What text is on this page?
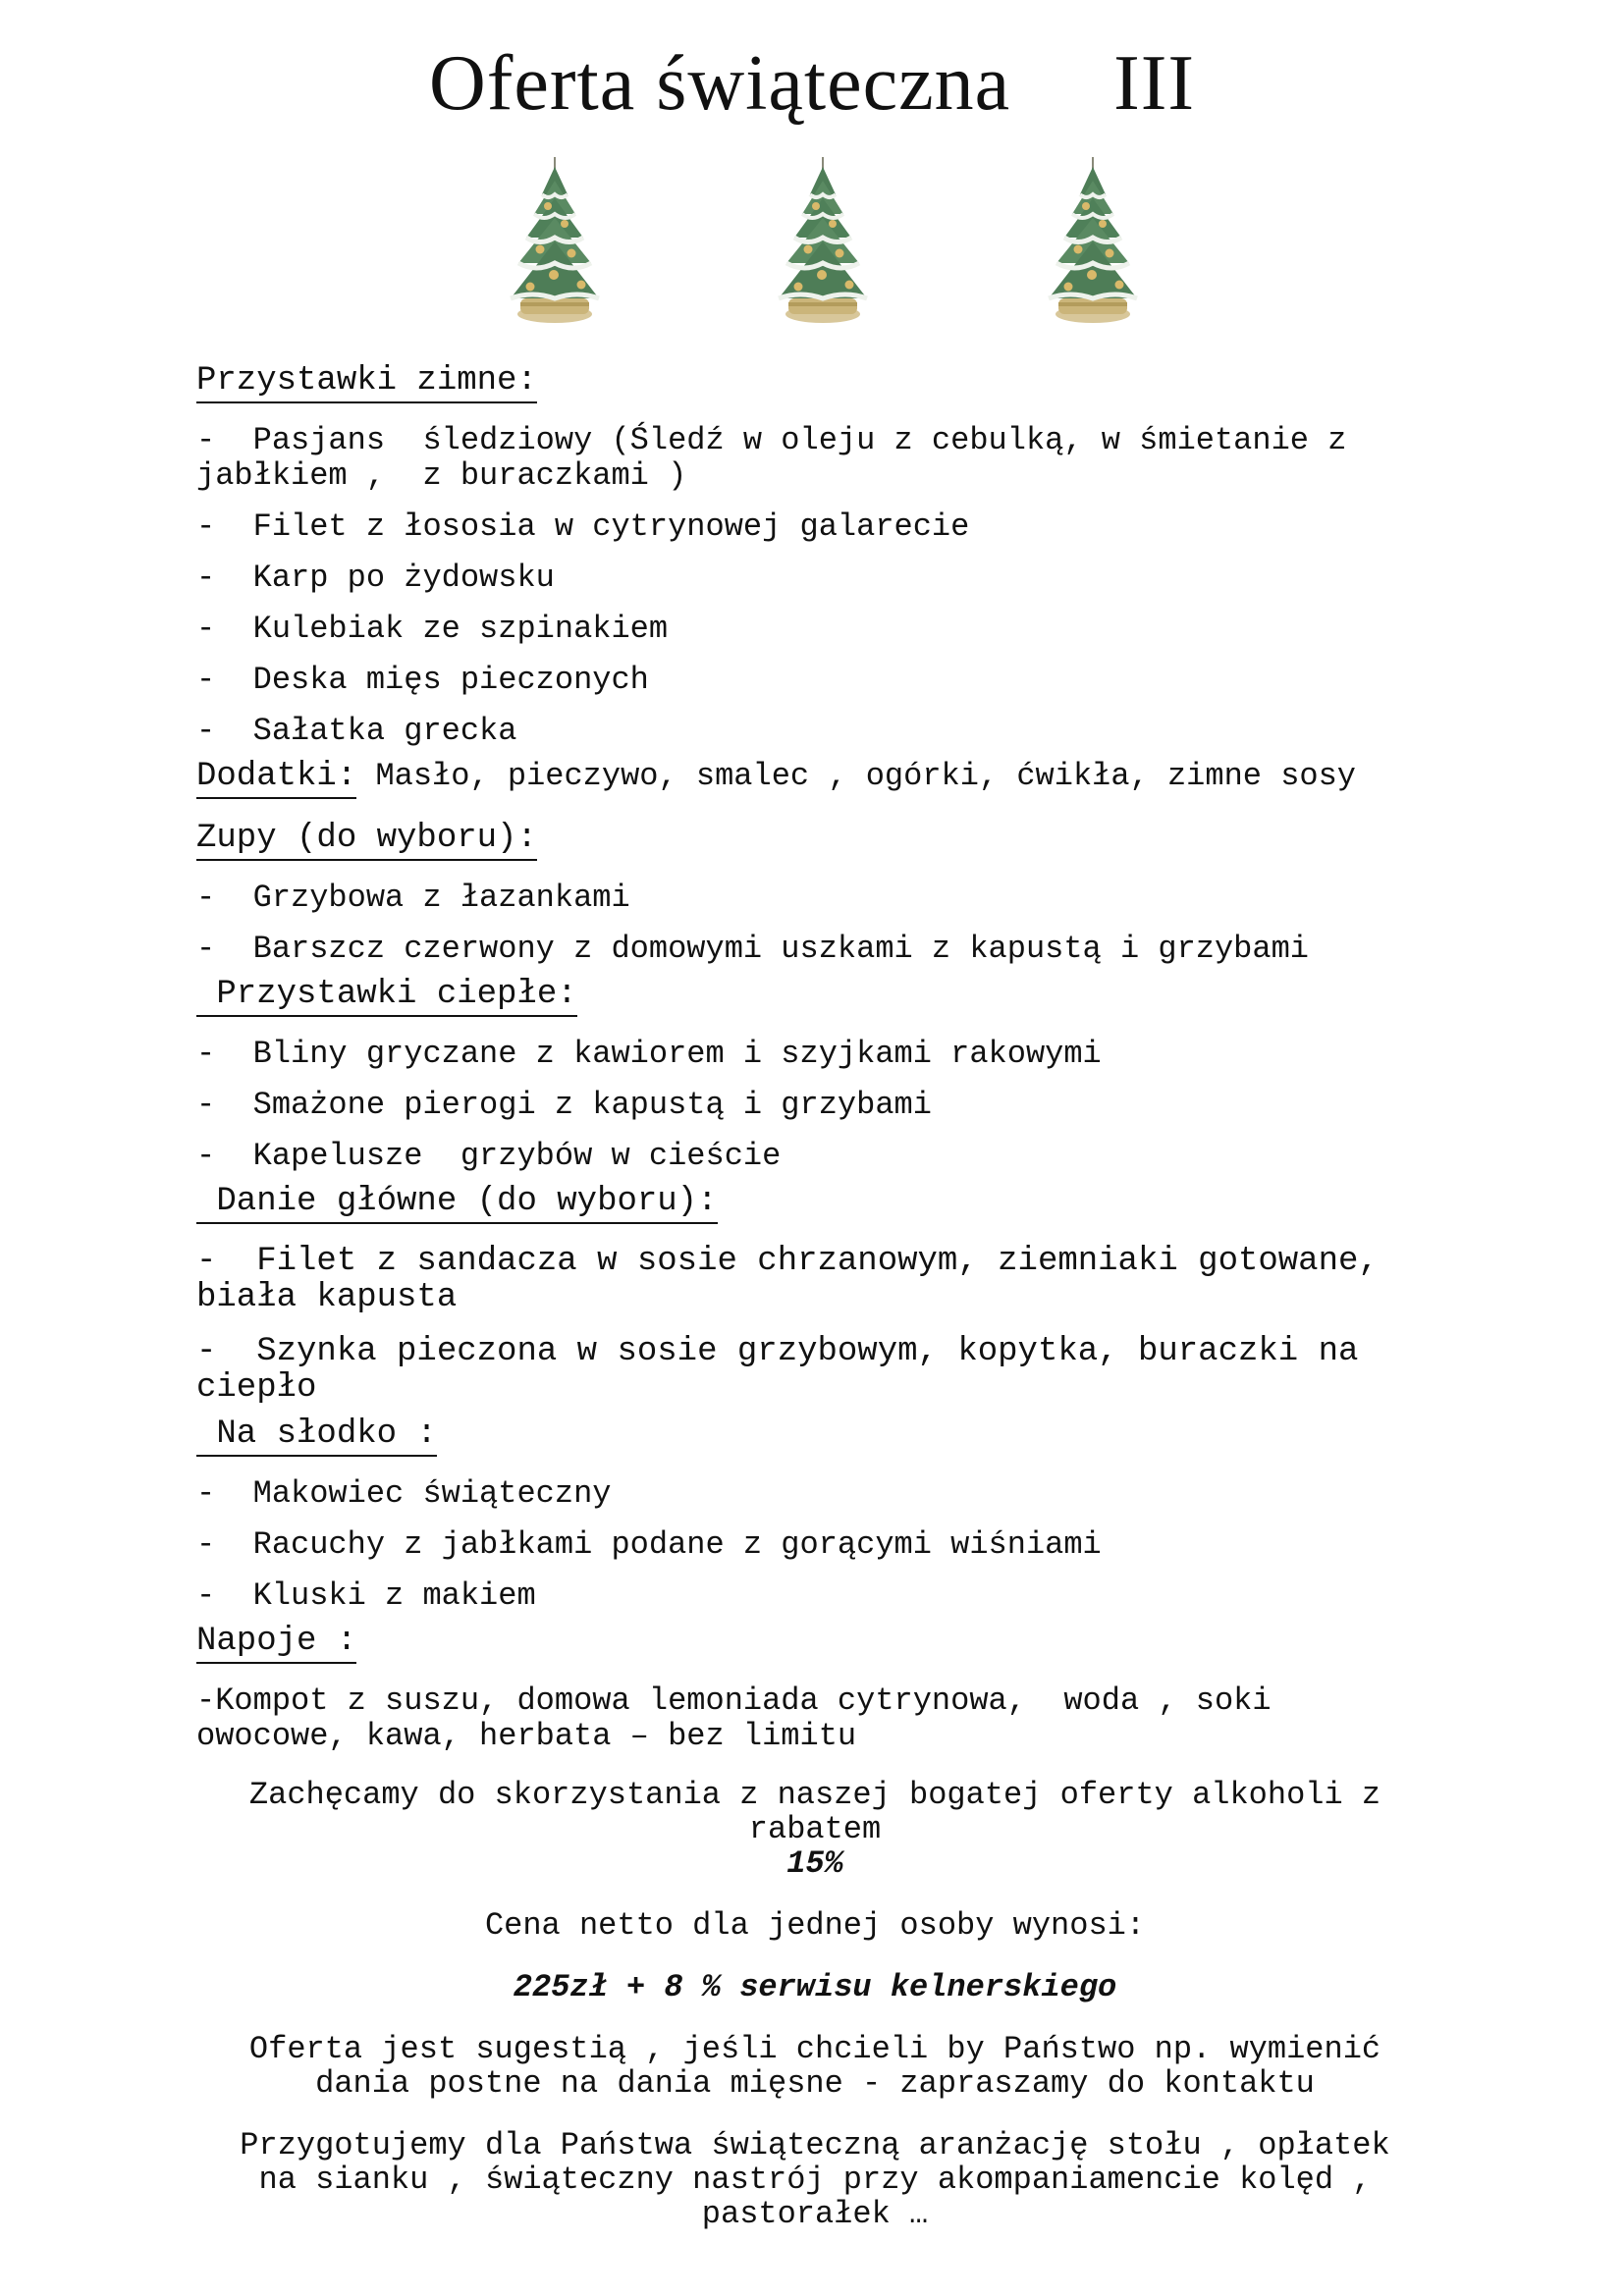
Oferta świąteczna     III
Przystawki zimne:
-  Pasjans  śledziowy (Śledź w oleju z cebulką, w śmietanie z jabłkiem ,  z buraczkami )
-  Filet z łososia w cytrynowej galarecie
-  Karp po żydowsku
-  Kulebiak ze szpinakiem
-  Deska mięs pieczonych
-  Sałatka grecka
Dodatki: Masło, pieczywo, smalec , ogórki, ćwikła, zimne sosy
Zupy (do wyboru):
-  Grzybowa z łazankami
-  Barszcz czerwony z domowymi uszkami z kapustą i grzybami
Przystawki ciepłe:
-  Bliny gryczane z kawiorem i szyjkami rakowymi
-  Smażone pierogi z kapustą i grzybami
-  Kapelusze  grzybów w cieście
Danie główne (do wyboru):
-  Filet z sandacza w sosie chrzanowym, ziemniaki gotowane, biała kapusta
-  Szynka pieczona w sosie grzybowym, kopytka, buraczki na ciepło
Na słodko :
-  Makowiec świąteczny
-  Racuchy z jabłkami podane z gorącymi wiśniami
-  Kluski z makiem
Napoje :
-Kompot z suszu, domowa lemoniada cytrynowa,  woda , soki owocowe, kawa, herbata – bez limitu
Zachęcamy do skorzystania z naszej bogatej oferty alkoholi z rabatem
15%
Cena netto dla jednej osoby wynosi:
225zł + 8 % serwisu kelnerskiego
Oferta jest sugestią , jeśli chcieli by Państwo np. wymienić dania postne na dania mięsne - zapraszamy do kontaktu
Przygotujemy dla Państwa świąteczną aranżację stołu , opłatek na sianku , świąteczny nastrój przy akompaniamencie kolęd , pastorałek …
